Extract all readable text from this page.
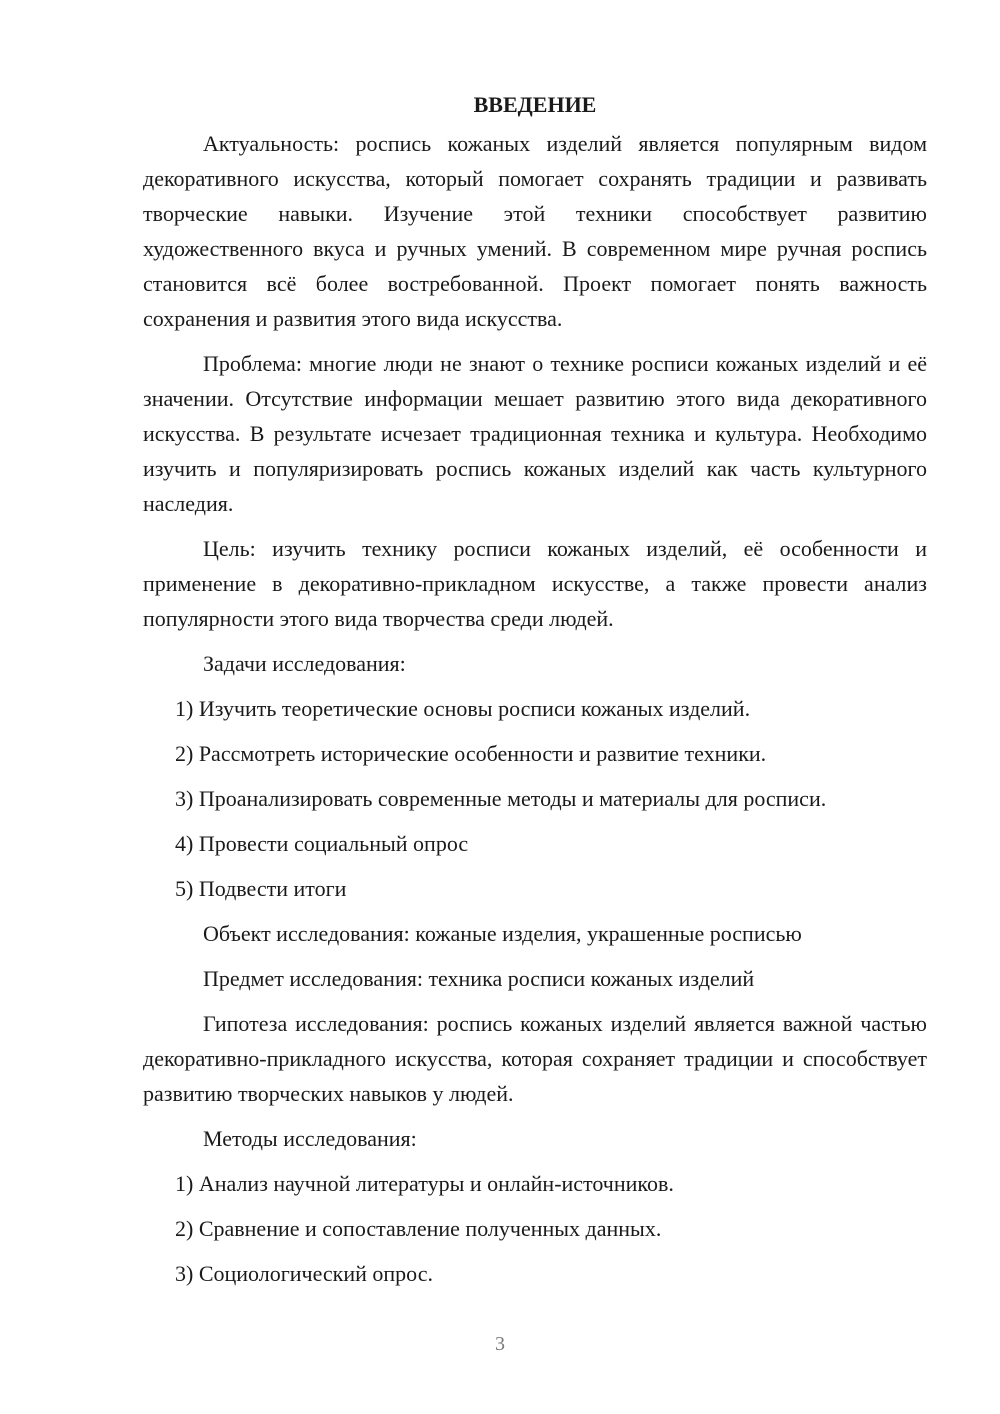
ВВЕДЕНИЕ

Актуальность: роспись кожаных изделий является популярным видом декоративного искусства, который помогает сохранять традиции и развивать творческие навыки. Изучение этой техники способствует развитию художественного вкуса и ручных умений. В современном мире ручная роспись становится всё более востребованной. Проект помогает понять важность сохранения и развития этого вида искусства.

Проблема: многие люди не знают о технике росписи кожаных изделий и её значении. Отсутствие информации мешает развитию этого вида декоративного искусства. В результате исчезает традиционная техника и культура. Необходимо изучить и популяризировать роспись кожаных изделий как часть культурного наследия.

Цель: изучить технику росписи кожаных изделий, её особенности и применение в декоративно-прикладном искусстве, а также провести анализ популярности этого вида творчества среди людей.

Задачи исследования:

1) Изучить теоретические основы росписи кожаных изделий.

2) Рассмотреть исторические особенности и развитие техники.

3) Проанализировать современные методы и материалы для росписи.

4) Провести социальный опрос

5) Подвести итоги

Объект исследования: кожаные изделия, украшенные росписью

Предмет исследования: техника росписи кожаных изделий

Гипотеза исследования: роспись кожаных изделий является важной частью декоративно-прикладного искусства, которая сохраняет традиции и способствует развитию творческих навыков у людей.

Методы исследования:

1) Анализ научной литературы и онлайн-источников.

2) Сравнение и сопоставление полученных данных.

3) Социологический опрос.

3
